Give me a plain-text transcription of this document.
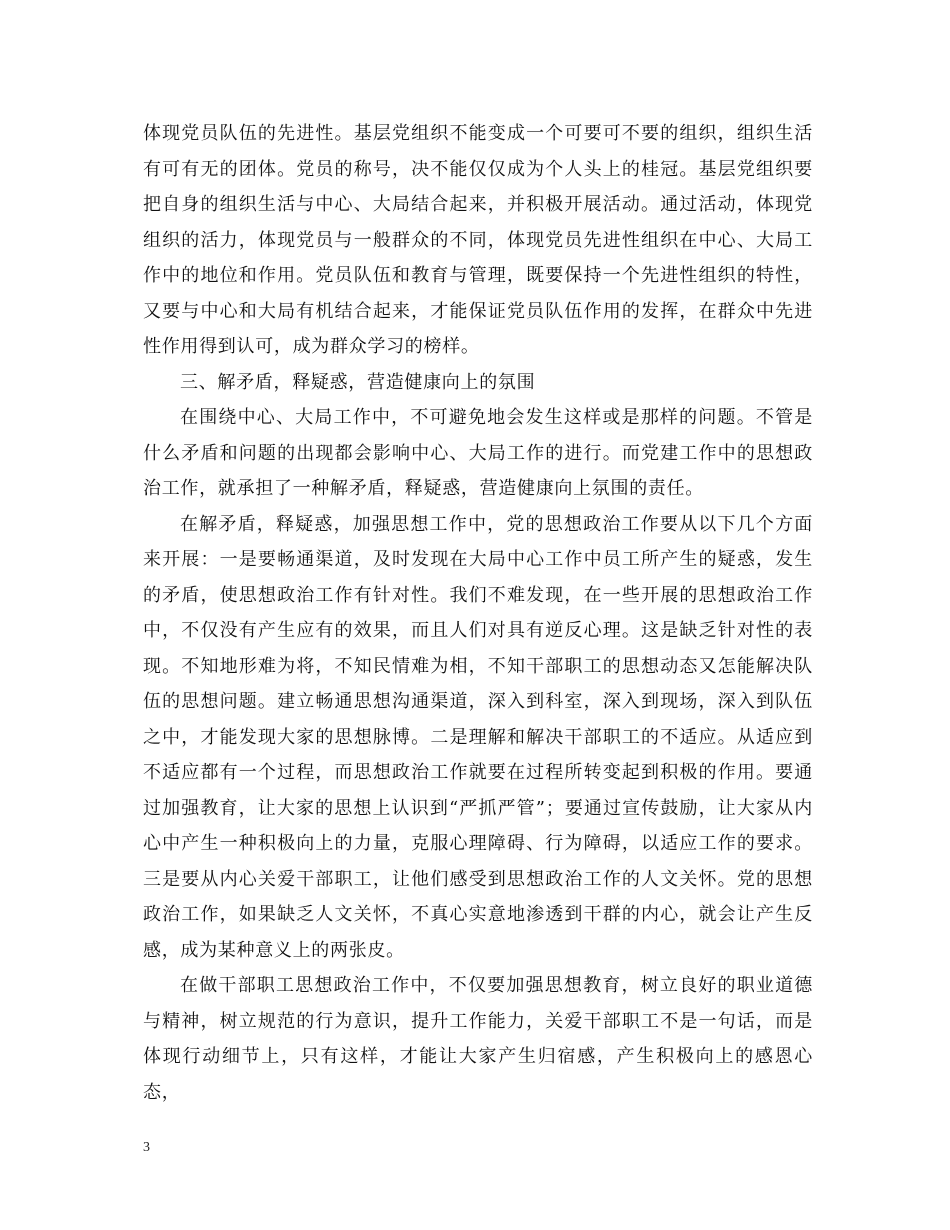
体现党员队伍的先进性。基层党组织不能变成一个可要可不要的组织，组织生活有可有无的团体。党员的称号，决不能仅仅成为个人头上的桂冠。基层党组织要把自身的组织生活与中心、大局结合起来，并积极开展活动。通过活动，体现党组织的活力，体现党员与一般群众的不同，体现党员先进性组织在中心、大局工作中的地位和作用。党员队伍和教育与管理，既要保持一个先进性组织的特性，又要与中心和大局有机结合起来，才能保证党员队伍作用的发挥，在群众中先进性作用得到认可，成为群众学习的榜样。

三、解矛盾，释疑惑，营造健康向上的氛围

在围绕中心、大局工作中，不可避免地会发生这样或是那样的问题。不管是什么矛盾和问题的出现都会影响中心、大局工作的进行。而党建工作中的思想政治工作，就承担了一种解矛盾，释疑惑，营造健康向上氛围的责任。

在解矛盾，释疑惑，加强思想工作中，党的思想政治工作要从以下几个方面来开展：一是要畅通渠道，及时发现在大局中心工作中员工所产生的疑惑，发生的矛盾，使思想政治工作有针对性。我们不难发现，在一些开展的思想政治工作中，不仅没有产生应有的效果，而且人们对具有逆反心理。这是缺乏针对性的表现。不知地形难为将，不知民情难为相，不知干部职工的思想动态又怎能解决队伍的思想问题。建立畅通思想沟通渠道，深入到科室，深入到现场，深入到队伍之中，才能发现大家的思想脉博。二是理解和解决干部职工的不适应。从适应到不适应都有一个过程，而思想政治工作就要在过程所转变起到积极的作用。要通过加强教育，让大家的思想上认识到“严抓严管”；要通过宣传鼓励，让大家从内心中产生一种积极向上的力量，克服心理障碍、行为障碍，以适应工作的要求。三是要从内心关爱干部职工，让他们感受到思想政治工作的人文关怀。党的思想政治工作，如果缺乏人文关怀，不真心实意地渗透到干群的内心，就会让产生反感，成为某种意义上的两张皮。

在做干部职工思想政治工作中，不仅要加强思想教育，树立良好的职业道德与精神，树立规范的行为意识，提升工作能力，关爱干部职工不是一句话，而是体现行动细节上，只有这样，才能让大家产生归宿感，产生积极向上的感恩心态，

3
